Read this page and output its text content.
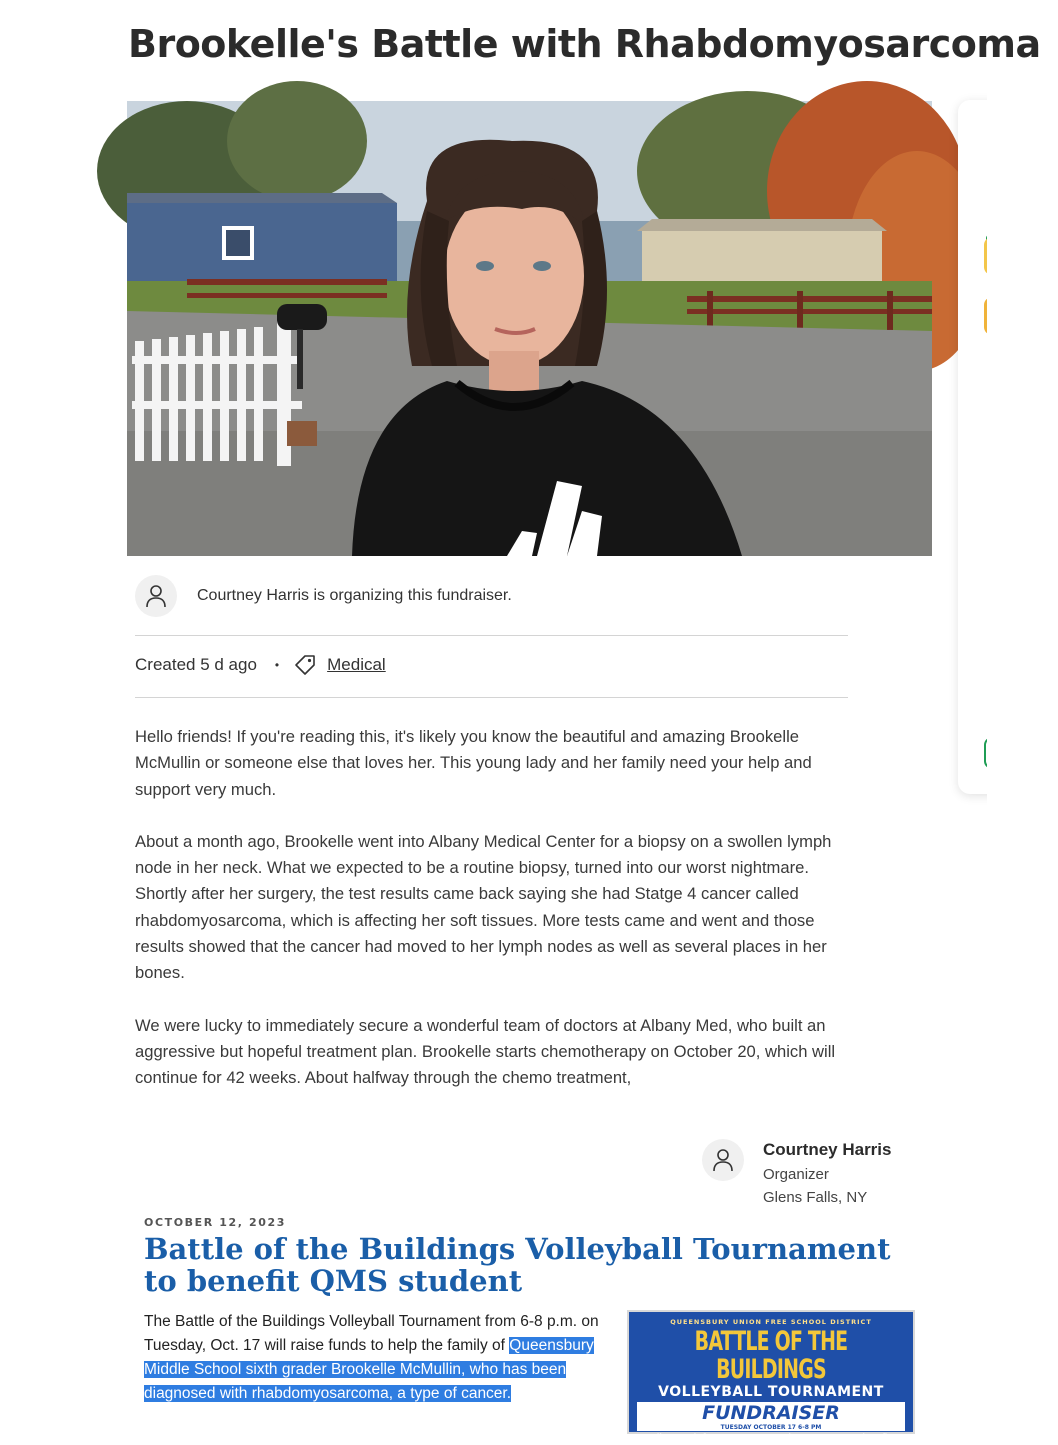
Brookelle's Battle with Rhabdomyosarcoma
Courtney Harris is organizing this fundraiser.
Created 5 d ago •	Medical

Hello friends! If you're reading this, it's likely you know the beautiful and amazing Brookelle McMullin or someone else that loves her. This young lady and her family need your help and support very much.

About a month ago, Brookelle went into Albany Medical Center for a biopsy on a swollen lymph node in her neck. What we expected to be a routine biopsy, turned into our worst nightmare. Shortly after her surgery, the test results came back saying she had Statge 4 cancer called rhabdomyosarcoma, which is affecting her soft tissues. More tests came and went and those results showed that the cancer had moved to her lymph nodes as well as several places in her bones.

We were lucky to immediately secure a wonderful team of doctors at Albany Med, who built an aggressive but hopeful treatment plan. Brookelle starts chemotherapy on October 20, which will continue for 42 weeks. About halfway through the chemo treatment,

Courtney Harris
Organizer
Glens Falls, NY
OCTOBER 12, 2023
Battle of the Buildings Volleyball Tournament to benefit QMS student
The Battle of the Buildings Volleyball Tournament from 6-8 p.m. on Tuesday, Oct. 17 will raise funds to help the family of Queensbury Middle School sixth grader Brookelle McMullin, who has been diagnosed with rhabdomyosarcoma, a type of cancer.
QUEENSBURY UNION FREE SCHOOL DISTRICT
BATTLE OF THE BUILDINGS
VOLLEYBALL TOURNAMENT
FUNDRAISER
TUESDAY OCTOBER 17 6-8 PM
All proceeds from ADMISSIONS and CONCESSIONS to benefit
